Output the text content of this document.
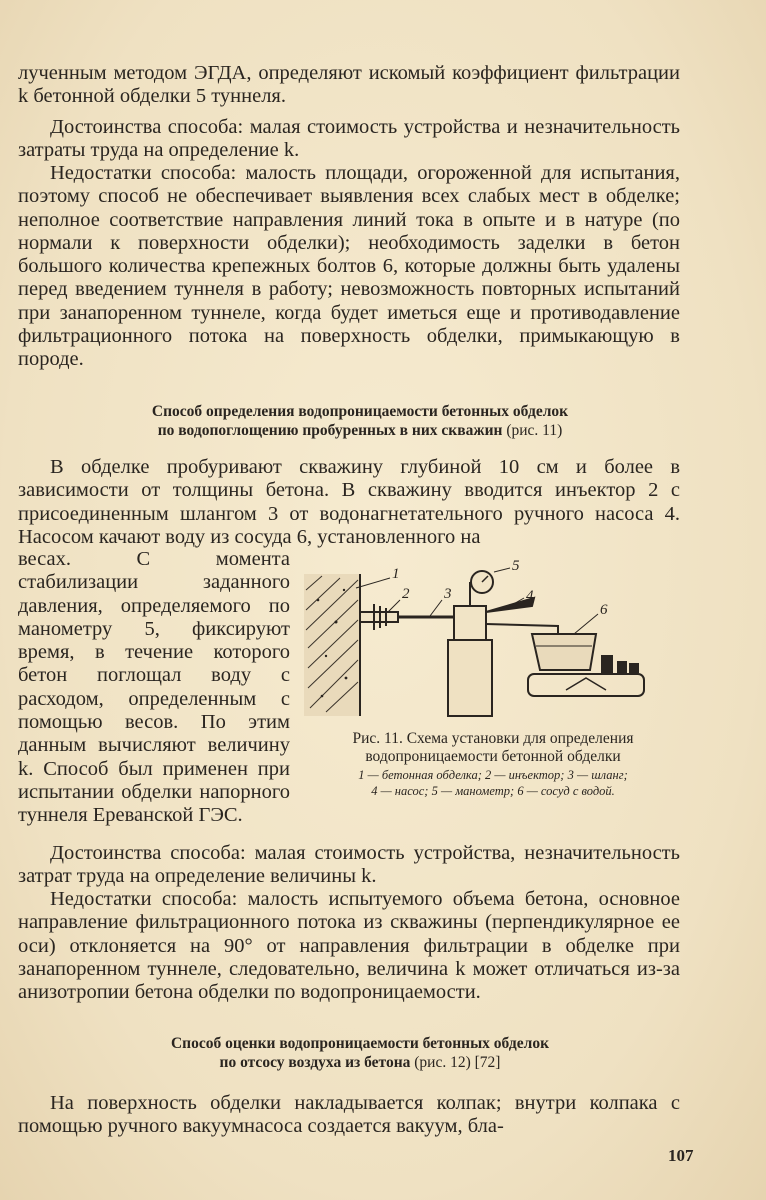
лученным методом ЭГДА, определяют искомый коэффициент фильтрации k бетонной обделки 5 туннеля.

Достоинства способа: малая стоимость устройства и незначительность затраты труда на определение k.

Недостатки способа: малость площади, огороженной для испытания, поэтому способ не обеспечивает выявления всех слабых мест в обделке; неполное соответствие направления линий тока в опыте и в натуре (по нормали к поверхности обделки); необходимость заделки в бетон большого количества крепежных болтов 6, которые должны быть удалены перед введением туннеля в работу; невозможность повторных испытаний при занапоренном туннеле, когда будет иметься еще и противодавление фильтрационного потока на поверхность обделки, примыкающую в породе.

Способ определения водопроницаемости бетонных обделок
по водопоглощению пробуренных в них скважин (рис. 11)

В обделке пробуривают скважину глубиной 10 см и более в зависимости от толщины бетона. В скважину вводится инъектор 2 с присоединенным шлангом 3 от водонагнетательного ручного насоса 4. Насосом качают воду из сосуда 6, установленного на

весах. С момента стабилизации заданного давления, определяемого по манометру 5, фиксируют время, в течение которого бетон поглощал воду с расходом, определенным с помощью весов. По этим данным вычисляют величину k. Способ был применен при испытании обделки напорного туннеля Ереванской ГЭС.

1
2 3	4
5
6
Рис. 11. Схема установки для определения
водопроницаемости бетонной обделки
1 — бетонная обделка; 2 — инъектор; 3 — шланг;
4 — насос; 5 — манометр; 6 — сосуд с водой.

Достоинства способа: малая стоимость устройства, незначительность затрат труда на определение величины k.

Недостатки способа: малость испытуемого объема бетона, основное направление фильтрационного потока из скважины (перпендикулярное ее оси) отклоняется на 90° от направления фильтрации в обделке при занапоренном туннеле, следовательно, величина k может отличаться из-за анизотропии бетона обделки по водопроницаемости.

Способ оценки водопроницаемости бетонных обделок
по отсосу воздуха из бетона (рис. 12) [72]

На поверхность обделки накладывается колпак; внутри колпака с помощью ручного вакуумнасоса создается вакуум, бла-

107
